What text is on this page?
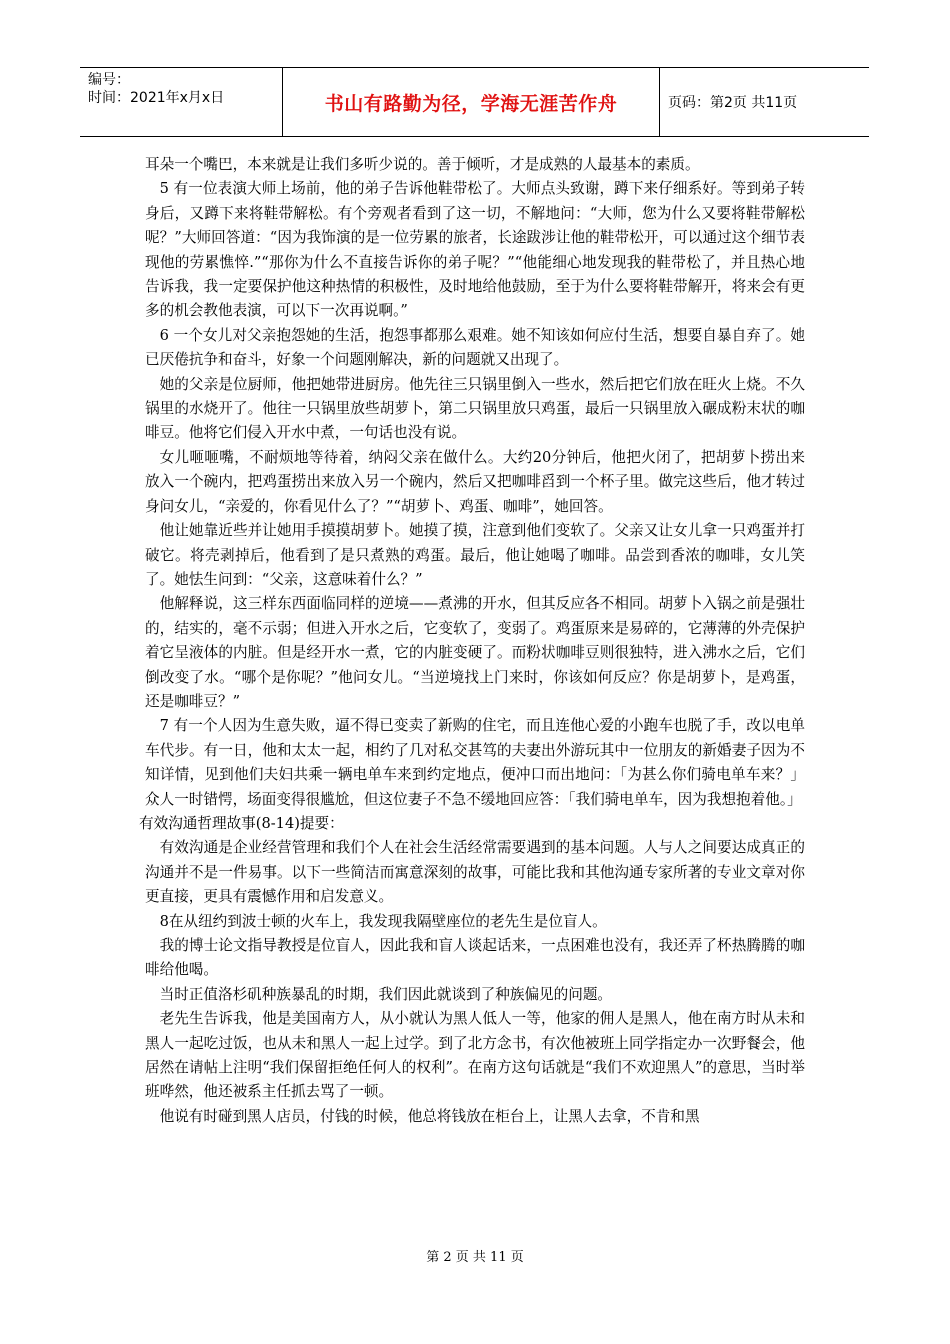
编号：
时间：2021年x月x日	书山有路勤为径，学海无涯苦作舟	页码：第2页 共11页

耳朵一个嘴巴，本来就是让我们多听少说的。善于倾听，才是成熟的人最基本的素质。

5 有一位表演大师上场前，他的弟子告诉他鞋带松了。大师点头致谢，蹲下来仔细系好。等到弟子转身后，又蹲下来将鞋带解松。有个旁观者看到了这一切，不解地问：“大师，您为什么又要将鞋带解松呢？”大师回答道：“因为我饰演的是一位劳累的旅者，长途跋涉让他的鞋带松开，可以通过这个细节表现他的劳累憔悴.”“那你为什么不直接告诉你的弟子呢？”“他能细心地发现我的鞋带松了，并且热心地告诉我，我一定要保护他这种热情的积极性，及时地给他鼓励，至于为什么要将鞋带解开，将来会有更多的机会教他表演，可以下一次再说啊。”

6 一个女儿对父亲抱怨她的生活，抱怨事都那么艰难。她不知该如何应付生活，想要自暴自弃了。她已厌倦抗争和奋斗，好象一个问题刚解决，新的问题就又出现了。

她的父亲是位厨师，他把她带进厨房。他先往三只锅里倒入一些水，然后把它们放在旺火上烧。不久锅里的水烧开了。他往一只锅里放些胡萝卜，第二只锅里放只鸡蛋，最后一只锅里放入碾成粉末状的咖啡豆。他将它们侵入开水中煮，一句话也没有说。

女儿咂咂嘴，不耐烦地等待着，纳闷父亲在做什么。大约20分钟后，他把火闭了，把胡萝卜捞出来放入一个碗内，把鸡蛋捞出来放入另一个碗内，然后又把咖啡舀到一个杯子里。做完这些后，他才转过身问女儿，“亲爱的，你看见什么了？”“胡萝卜、鸡蛋、咖啡”，她回答。

他让她靠近些并让她用手摸摸胡萝卜。她摸了摸，注意到他们变软了。父亲又让女儿拿一只鸡蛋并打破它。将壳剥掉后，他看到了是只煮熟的鸡蛋。最后，他让她喝了咖啡。品尝到香浓的咖啡，女儿笑了。她怯生问到：“父亲，这意味着什么？”

他解释说，这三样东西面临同样的逆境——煮沸的开水，但其反应各不相同。胡萝卜入锅之前是强壮的，结实的，毫不示弱；但进入开水之后，它变软了，变弱了。鸡蛋原来是易碎的，它薄薄的外壳保护着它呈液体的内脏。但是经开水一煮，它的内脏变硬了。而粉状咖啡豆则很独特，进入沸水之后，它们倒改变了水。“哪个是你呢？”他问女儿。“当逆境找上门来时，你该如何反应？你是胡萝卜，是鸡蛋，还是咖啡豆？”

7 有一个人因为生意失败，逼不得已变卖了新购的住宅，而且连他心爱的小跑车也脱了手，改以电单车代步。有一日，他和太太一起，相约了几对私交甚笃的夫妻出外游玩其中一位朋友的新婚妻子因为不知详情，见到他们夫妇共乘一辆电单车来到约定地点，便冲口而出地问：「为甚么你们骑电单车来？」众人一时错愕，场面变得很尴尬，但这位妻子不急不缓地回应答：「我们骑电单车，因为我想抱着他。」

有效沟通哲理故事(8-14)提要：

有效沟通是企业经营管理和我们个人在社会生活经常需要遇到的基本问题。人与人之间要达成真正的沟通并不是一件易事。以下一些简洁而寓意深刻的故事，可能比我和其他沟通专家所著的专业文章对你更直接，更具有震憾作用和启发意义。

8在从纽约到波士顿的火车上，我发现我隔壁座位的老先生是位盲人。

我的博士论文指导教授是位盲人，因此我和盲人谈起话来，一点困难也没有，我还弄了杯热腾腾的咖啡给他喝。

当时正值洛杉矶种族暴乱的时期，我们因此就谈到了种族偏见的问题。

老先生告诉我，他是美国南方人，从小就认为黑人低人一等，他家的佣人是黑人，他在南方时从未和黑人一起吃过饭，也从未和黑人一起上过学。到了北方念书，有次他被班上同学指定办一次野餐会，他居然在请帖上注明“我们保留拒绝任何人的权利”。在南方这句话就是“我们不欢迎黑人”的意思，当时举班哗然，他还被系主任抓去骂了一顿。

他说有时碰到黑人店员，付钱的时候，他总将钱放在柜台上，让黑人去拿，不肯和黑

第 2 页 共 11 页
